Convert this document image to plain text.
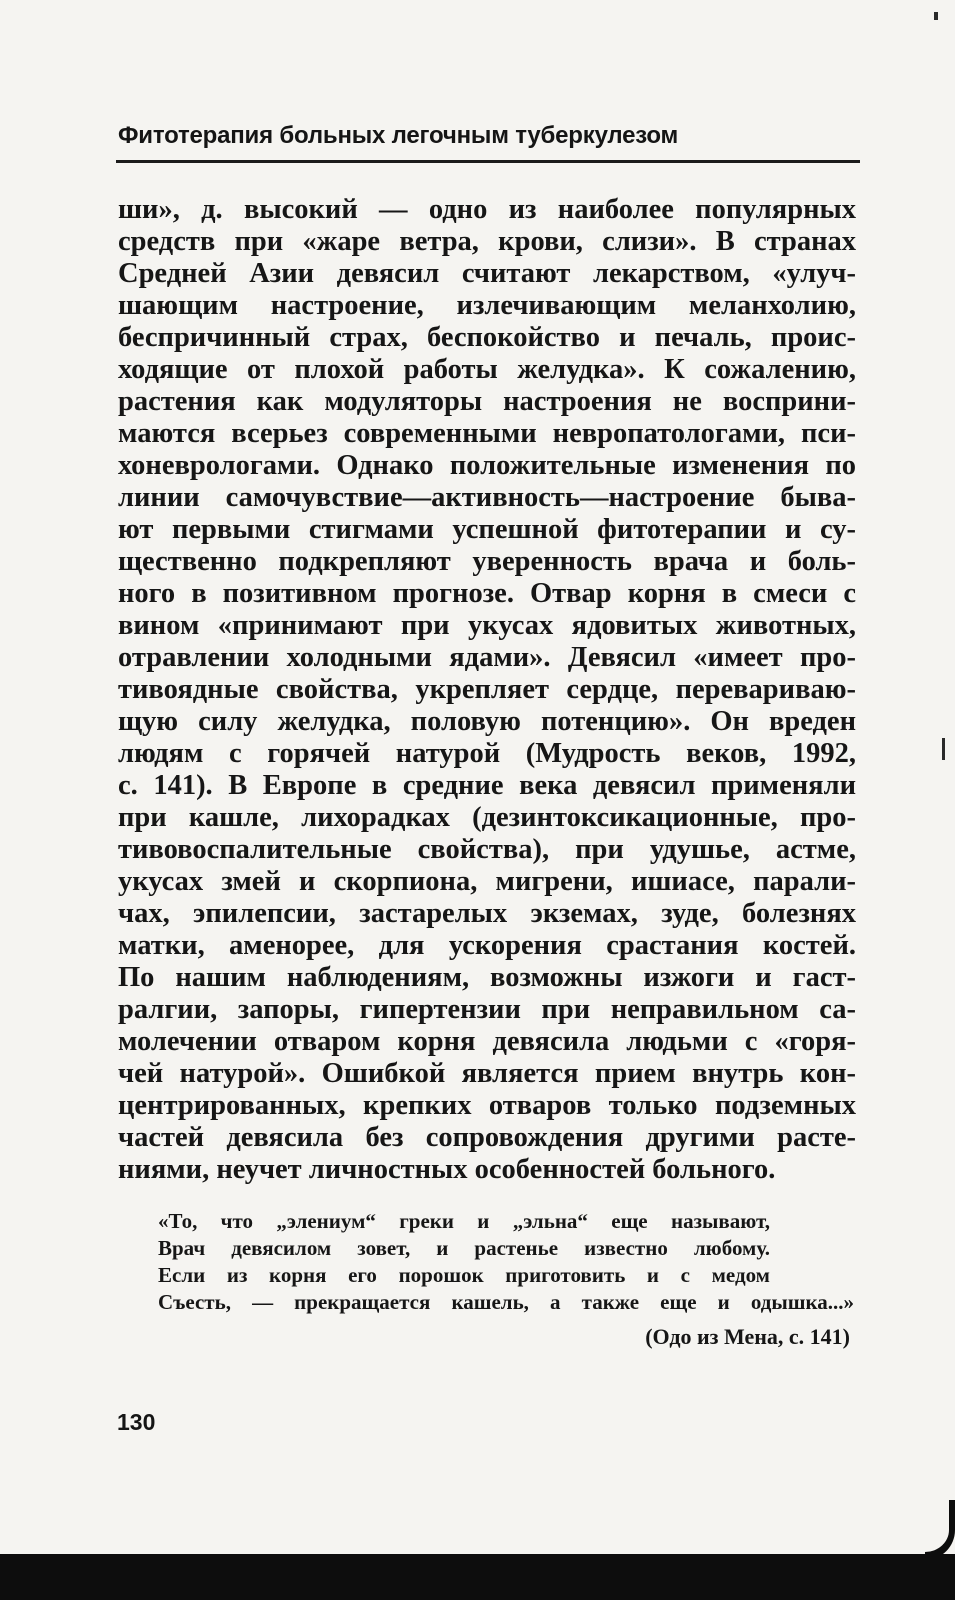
Фитотерапия больных легочным туберкулезом
ши», д. высокий — одно из наиболее популярных
средств при «жаре ветра, крови, слизи». В странах
Средней Азии девясил считают лекарством, «улуч-
шающим настроение, излечивающим меланхолию,
беспричинный страх, беспокойство и печаль, проис-
ходящие от плохой работы желудка». К сожалению,
растения как модуляторы настроения не восприни-
маются всерьез современными невропатологами, пси-
хоневрологами. Однако положительные изменения по
линии самочувствие—активность—настроение быва-
ют первыми стигмами успешной фитотерапии и су-
щественно подкрепляют уверенность врача и боль-
ного в позитивном прогнозе. Отвар корня в смеси с
вином «принимают при укусах ядовитых животных,
отравлении холодными ядами». Девясил «имеет про-
тивоядные свойства, укрепляет сердце, переваривaю-
щую силу желудка, половую потенцию». Он вреден
людям с горячей натурой (Мудрость веков, 1992,
с. 141). В Европе в средние века девясил применяли
при кашле, лихорадках (дезинтоксикационные, про-
тивовоспалительные свойства), при удушье, астме,
укусах змей и скорпиона, мигрени, ишиасе, парали-
чах, эпилепсии, застарелых экземах, зуде, болезнях
матки, аменорее, для ускорения срастания костей.
По нашим наблюдениям, возможны изжоги и гаст-
ралгии, запоры, гипертензии при неправильном са-
молечении отваром корня девясила людьми с «горя-
чей натурой». Ошибкой является прием внутрь кон-
центрированных, крепких отваров только подземных
частей девясила без сопровождения другими расте-
ниями, неучет личностных особенностей больного.
«То, что „элениум“ греки и „эльна“ еще называют,
Врач девясилом зовет, и растенье известно любому.
Если из корня его порошок приготовить и с медом
Съесть, — прекращается кашель, а также еще и одышка...»
(Одо из Мена, с. 141)
130
